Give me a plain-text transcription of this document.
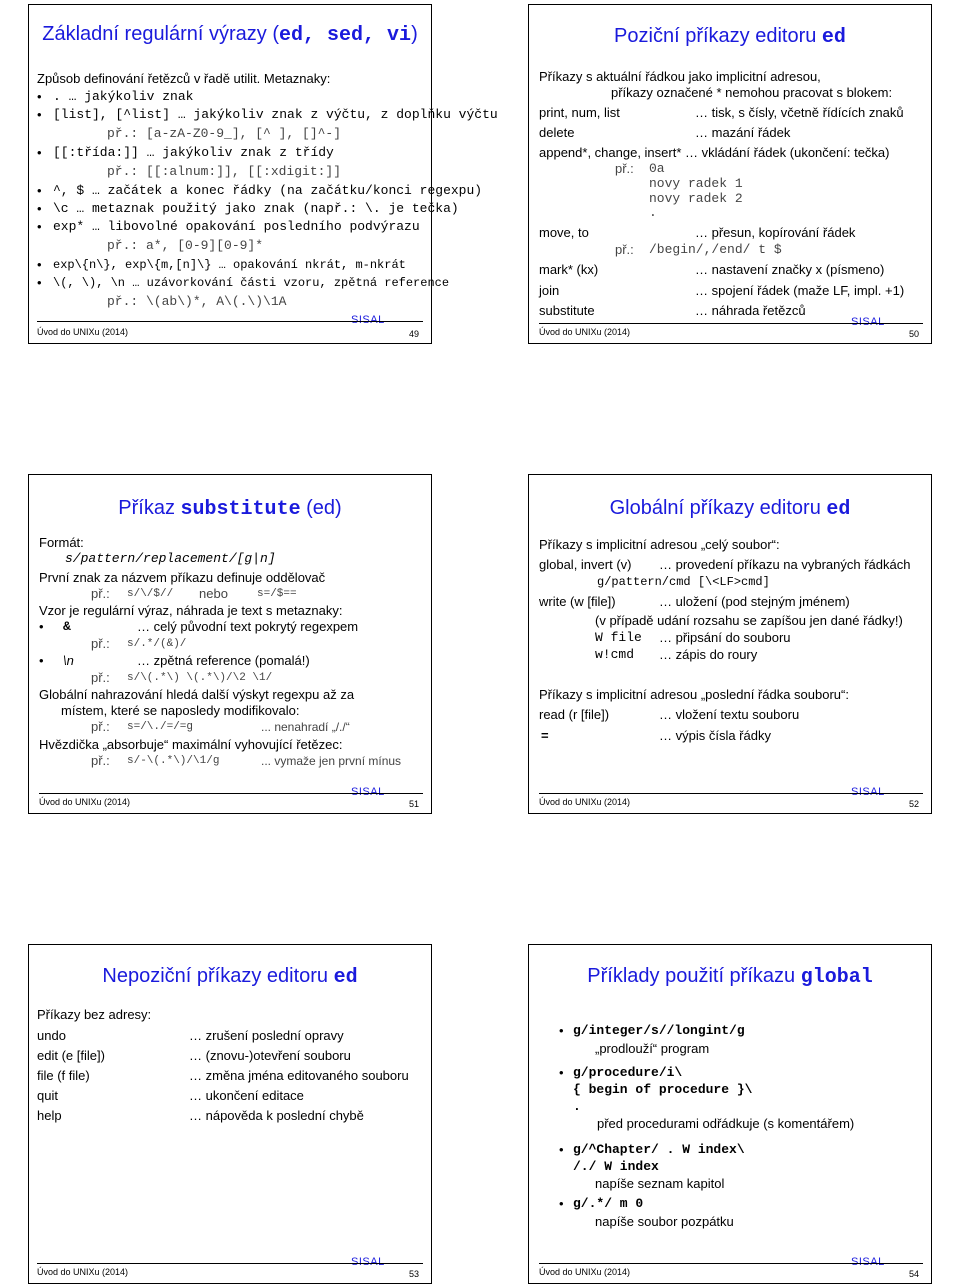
Základní regulární výrazy (ed, sed, vi)
Způsob definování řetězců v řadě utilit. Metaznaky:
• . … jakýkoliv znak
• [list], [^list] … jakýkoliv znak z výčtu, z doplňku výčtu
př.: [a-zA-Z0-9_], [^ ], []^-]
• [[:třída:]] … jakýkoliv znak z třídy
př.: [[:alnum:]], [[:xdigit:]]
• ^, $ … začátek a konec řádky (na začátku/konci regexpu)
• \c … metaznak použitý jako znak (např.: \. je tečka)
• exp* … libovolné opakování posledního podvýrazu
př.: a*, [0-9][0-9]*
• exp\{n\}, exp\{m,[n]\} … opakování nkrát, m-nkrát
• \(, \), \n … uzávorkování části vzoru, zpětná reference
př.: \(ab\)*, A\(.\)\1A
SISAL
Úvod do UNIXu (2014)	49
Poziční příkazy editoru ed
Příkazy s aktuální řádkou jako implicitní adresou,
příkazy označené * nemohou pracovat s blokem:
print, num, list	… tisk, s čísly, včetně řídících znaků
delete	… mazání řádek
append*, change, insert* … vkládání řádek (ukončení: tečka)
př.: 0a
novy radek 1
novy radek 2
.
move, to	… přesun, kopírování řádek
př.: /begin/,/end/ t $
mark* (kx)	… nastavení značky x (písmeno)
join	… spojení řádek (maže LF, impl. +1)
substitute	… náhrada řetězců
SISAL
Úvod do UNIXu (2014)	50
Příkaz substitute (ed)
Formát:
s/pattern/replacement/[g|n]
První znak za názvem příkazu definuje oddělovač
př.: s/\/$// nebo	s=/$==
Vzor je regulární výraz, náhrada je text s metaznaky:
• &	… celý původní text pokrytý regexpem
př.: s/.*/(&)/
• \n	… zpětná reference (pomalá!)
př.: s/\(.*\) \(.*\)/\2 \1/
Globální nahrazování hledá další výskyt regexpu až za
místem, které se naposledy modifikovalo:
př.: s=/\./=/=g	... nenahradí „/./“
Hvězdička „absorbuje“ maximální vyhovující řetězec:
př.: s/-\(.*\)/\1/g	... vymaže jen první mínus
SISAL
Úvod do UNIXu (2014)	51
Globální příkazy editoru ed
Příkazy s implicitní adresou „celý soubor“:
global, invert (v) … provedení příkazu na vybraných řádkách
g/pattern/cmd [\<LF>cmd]
write (w [file])	… uložení (pod stejným jménem)
(v případě udání rozsahu se zapíšou jen dané řádky!)
W file … připsání do souboru
w!cmd … zápis do roury
Příkazy s implicitní adresou „poslední řádka souboru“:
read (r [file])	… vložení textu souboru
=	… výpis čísla řádky
SISAL
Úvod do UNIXu (2014)	52
Nepoziční příkazy editoru ed
Příkazy bez adresy:
undo	… zrušení poslední opravy
edit (e [file])	… (znovu-)otevření souboru
file (f file)	… změna jména editovaného souboru
quit	… ukončení editace
help	… nápověda k poslední chybě
SISAL
Úvod do UNIXu (2014)	53
Příklady použití příkazu global
• g/integer/s//longint/g
„prodlouží“ program
• g/procedure/i\
{ begin of procedure }\
.
před procedurami odřádkuje (s komentářem)
• g/^Chapter/ . W index\
/./ W index
napíše seznam kapitol
• g/.*/ m 0
napíše soubor pozpátku
SISAL
Úvod do UNIXu (2014)	54
